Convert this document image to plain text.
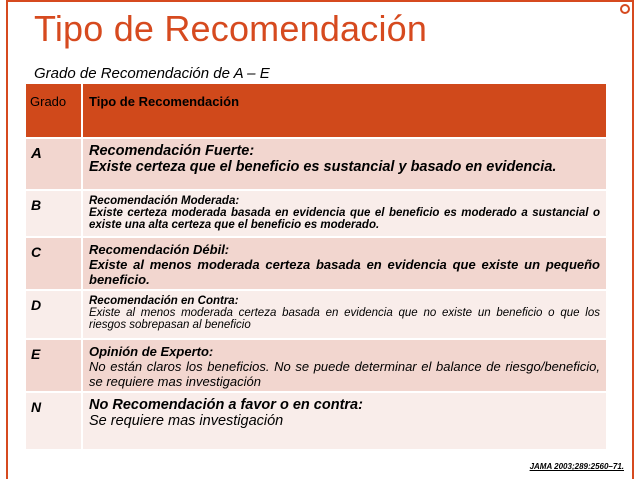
Tipo de Recomendación
Grado de Recomendación de A – E
Grado	Tipo de Recomendación
A	Recomendación Fuerte:
Existe certeza que el beneficio es sustancial y basado en evidencia.

B	Recomendación Moderada:
Existe certeza moderada basada en evidencia que el beneficio es moderado a sustancial o existe una alta certeza que el beneficio es moderado.

C	Recomendación Débil:
Existe al menos moderada certeza basada en evidencia que existe un pequeño beneficio.

D	Recomendación en Contra:
Existe al menos moderada certeza basada en evidencia que no existe un beneficio o que los riesgos sobrepasan al beneficio

E	Opinión de Experto:
No están claros los beneficios. No se puede determinar el balance de riesgo/beneficio, se requiere mas investigación

N	No Recomendación a favor o en contra:
Se requiere mas investigación
JAMA 2003;289:2560–71.
